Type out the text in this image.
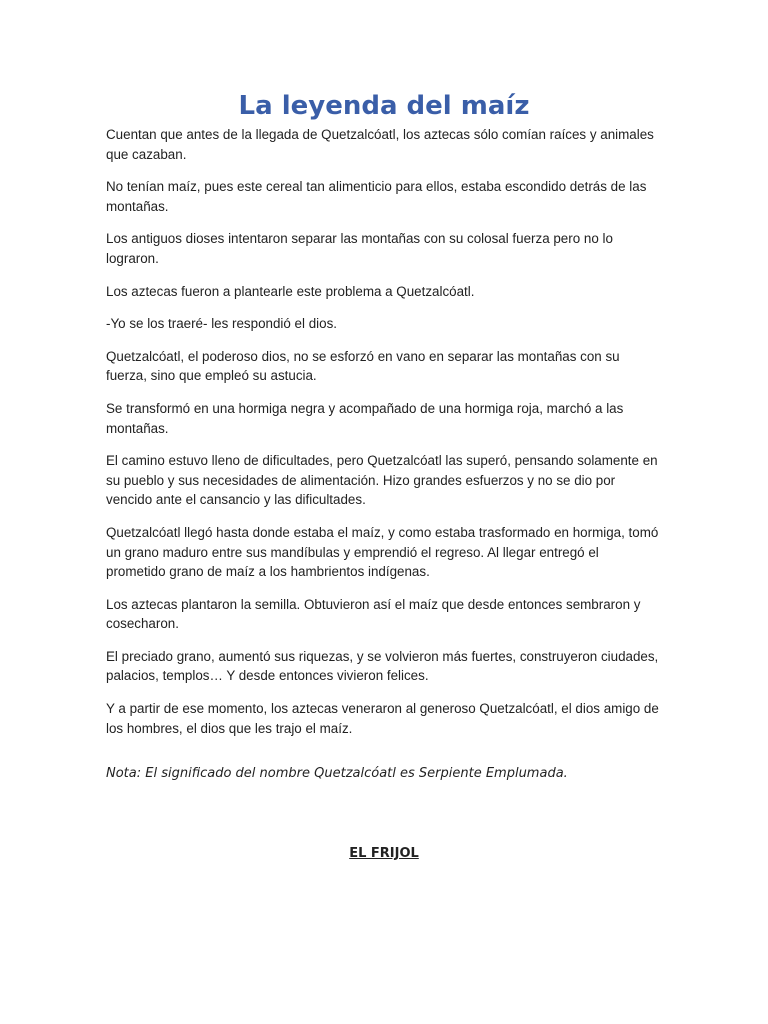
La leyenda del maíz

Cuentan que antes de la llegada de Quetzalcóatl, los aztecas sólo comían raíces y animales que cazaban.

No tenían maíz, pues este cereal tan alimenticio para ellos, estaba escondido detrás de las montañas.

Los antiguos dioses intentaron separar las montañas con su colosal fuerza pero no lo lograron.

Los aztecas fueron a plantearle este problema a Quetzalcóatl.

-Yo se los traeré- les respondió el dios.

Quetzalcóatl, el poderoso dios, no se esforzó en vano en separar las montañas con su fuerza, sino que empleó su astucia.

Se transformó en una hormiga negra y acompañado de una hormiga roja, marchó a las montañas.

El camino estuvo lleno de dificultades, pero Quetzalcóatl las superó, pensando solamente en su pueblo y sus necesidades de alimentación. Hizo grandes esfuerzos y no se dio por vencido ante el cansancio y las dificultades.

Quetzalcóatl llegó hasta donde estaba el maíz, y como estaba trasformado en hormiga, tomó un grano maduro entre sus mandíbulas y emprendió el regreso. Al llegar entregó el prometido grano de maíz a los hambrientos indígenas.

Los aztecas plantaron la semilla. Obtuvieron así el maíz que desde entonces sembraron y cosecharon.

El preciado grano, aumentó sus riquezas, y se volvieron más fuertes, construyeron ciudades, palacios, templos… Y desde entonces vivieron felices.

Y a partir de ese momento, los aztecas veneraron al generoso Quetzalcóatl, el dios amigo de los hombres, el dios que les trajo el maíz.

Nota: El significado del nombre Quetzalcóatl es Serpiente Emplumada.

EL FRIJOL
